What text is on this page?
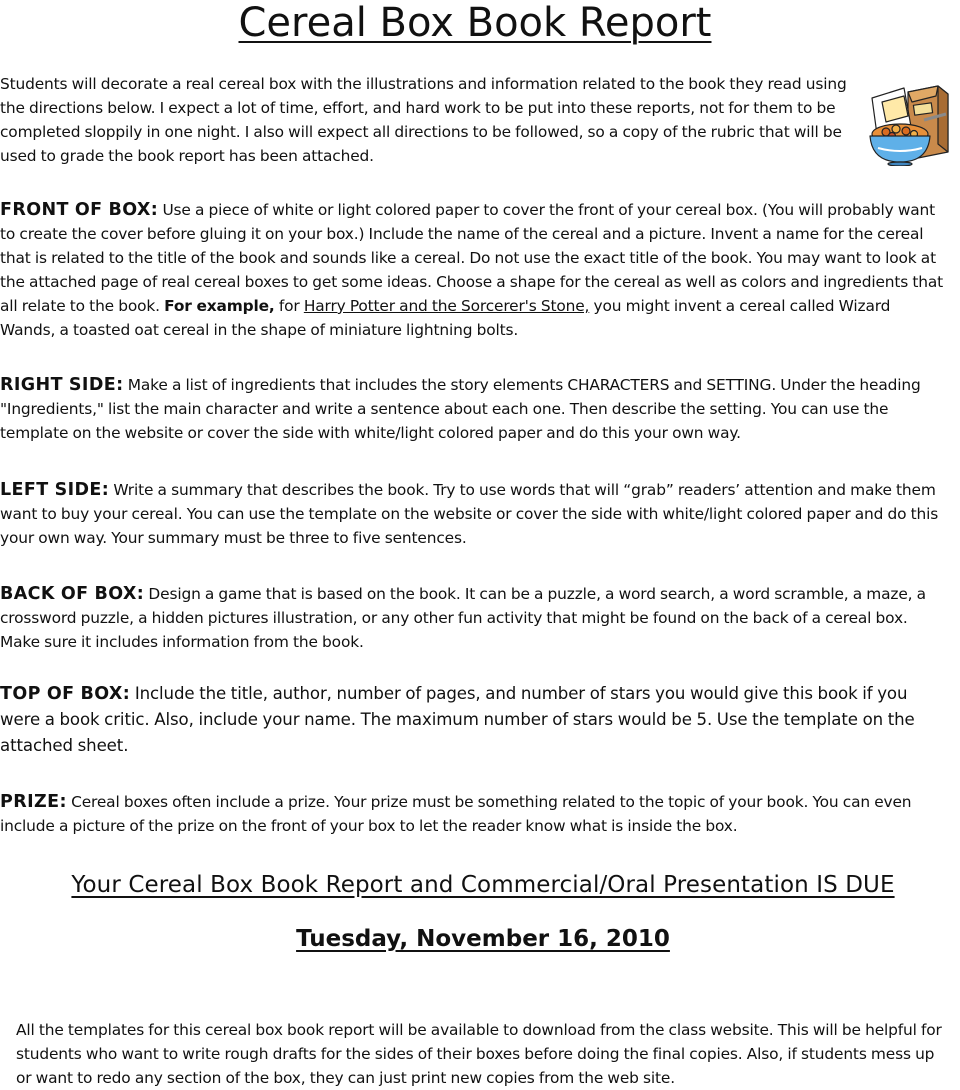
Cereal Box Book Report

Students will decorate a real cereal box with the illustrations and information related to the book they read using the directions below. I expect a lot of time, effort, and hard work to be put into these reports, not for them to be completed sloppily in one night. I also will expect all directions to be followed, so a copy of the rubric that will be used to grade the book report has been attached.

FRONT OF BOX: Use a piece of white or light colored paper to cover the front of your cereal box. (You will probably want to create the cover before gluing it on your box.) Include the name of the cereal and a picture. Invent a name for the cereal that is related to the title of the book and sounds like a cereal. Do not use the exact title of the book. You may want to look at the attached page of real cereal boxes to get some ideas. Choose a shape for the cereal as well as colors and ingredients that all relate to the book. For example, for Harry Potter and the Sorcerer's Stone, you might invent a cereal called Wizard Wands, a toasted oat cereal in the shape of miniature lightning bolts.

RIGHT SIDE: Make a list of ingredients that includes the story elements CHARACTERS and SETTING. Under the heading "Ingredients," list the main character and write a sentence about each one. Then describe the setting. You can use the template on the website or cover the side with white/light colored paper and do this your own way.

LEFT SIDE: Write a summary that describes the book. Try to use words that will “grab” readers’ attention and make them want to buy your cereal. You can use the template on the website or cover the side with white/light colored paper and do this your own way. Your summary must be three to five sentences.

BACK OF BOX: Design a game that is based on the book. It can be a puzzle, a word search, a word scramble, a maze, a crossword puzzle, a hidden pictures illustration, or any other fun activity that might be found on the back of a cereal box. Make sure it includes information from the book.

TOP OF BOX: Include the title, author, number of pages, and number of stars you would give this book if you were a book critic. Also, include your name. The maximum number of stars would be 5. Use the template on the attached sheet.

PRIZE: Cereal boxes often include a prize. Your prize must be something related to the topic of your book. You can even include a picture of the prize on the front of your box to let the reader know what is inside the box.

Your Cereal Box Book Report and Commercial/Oral Presentation IS DUE

Tuesday, November 16, 2010

All the templates for this cereal box book report will be available to download from the class website. This will be helpful for students who want to write rough drafts for the sides of their boxes before doing the final copies. Also, if students mess up or want to redo any section of the box, they can just print new copies from the web site.
